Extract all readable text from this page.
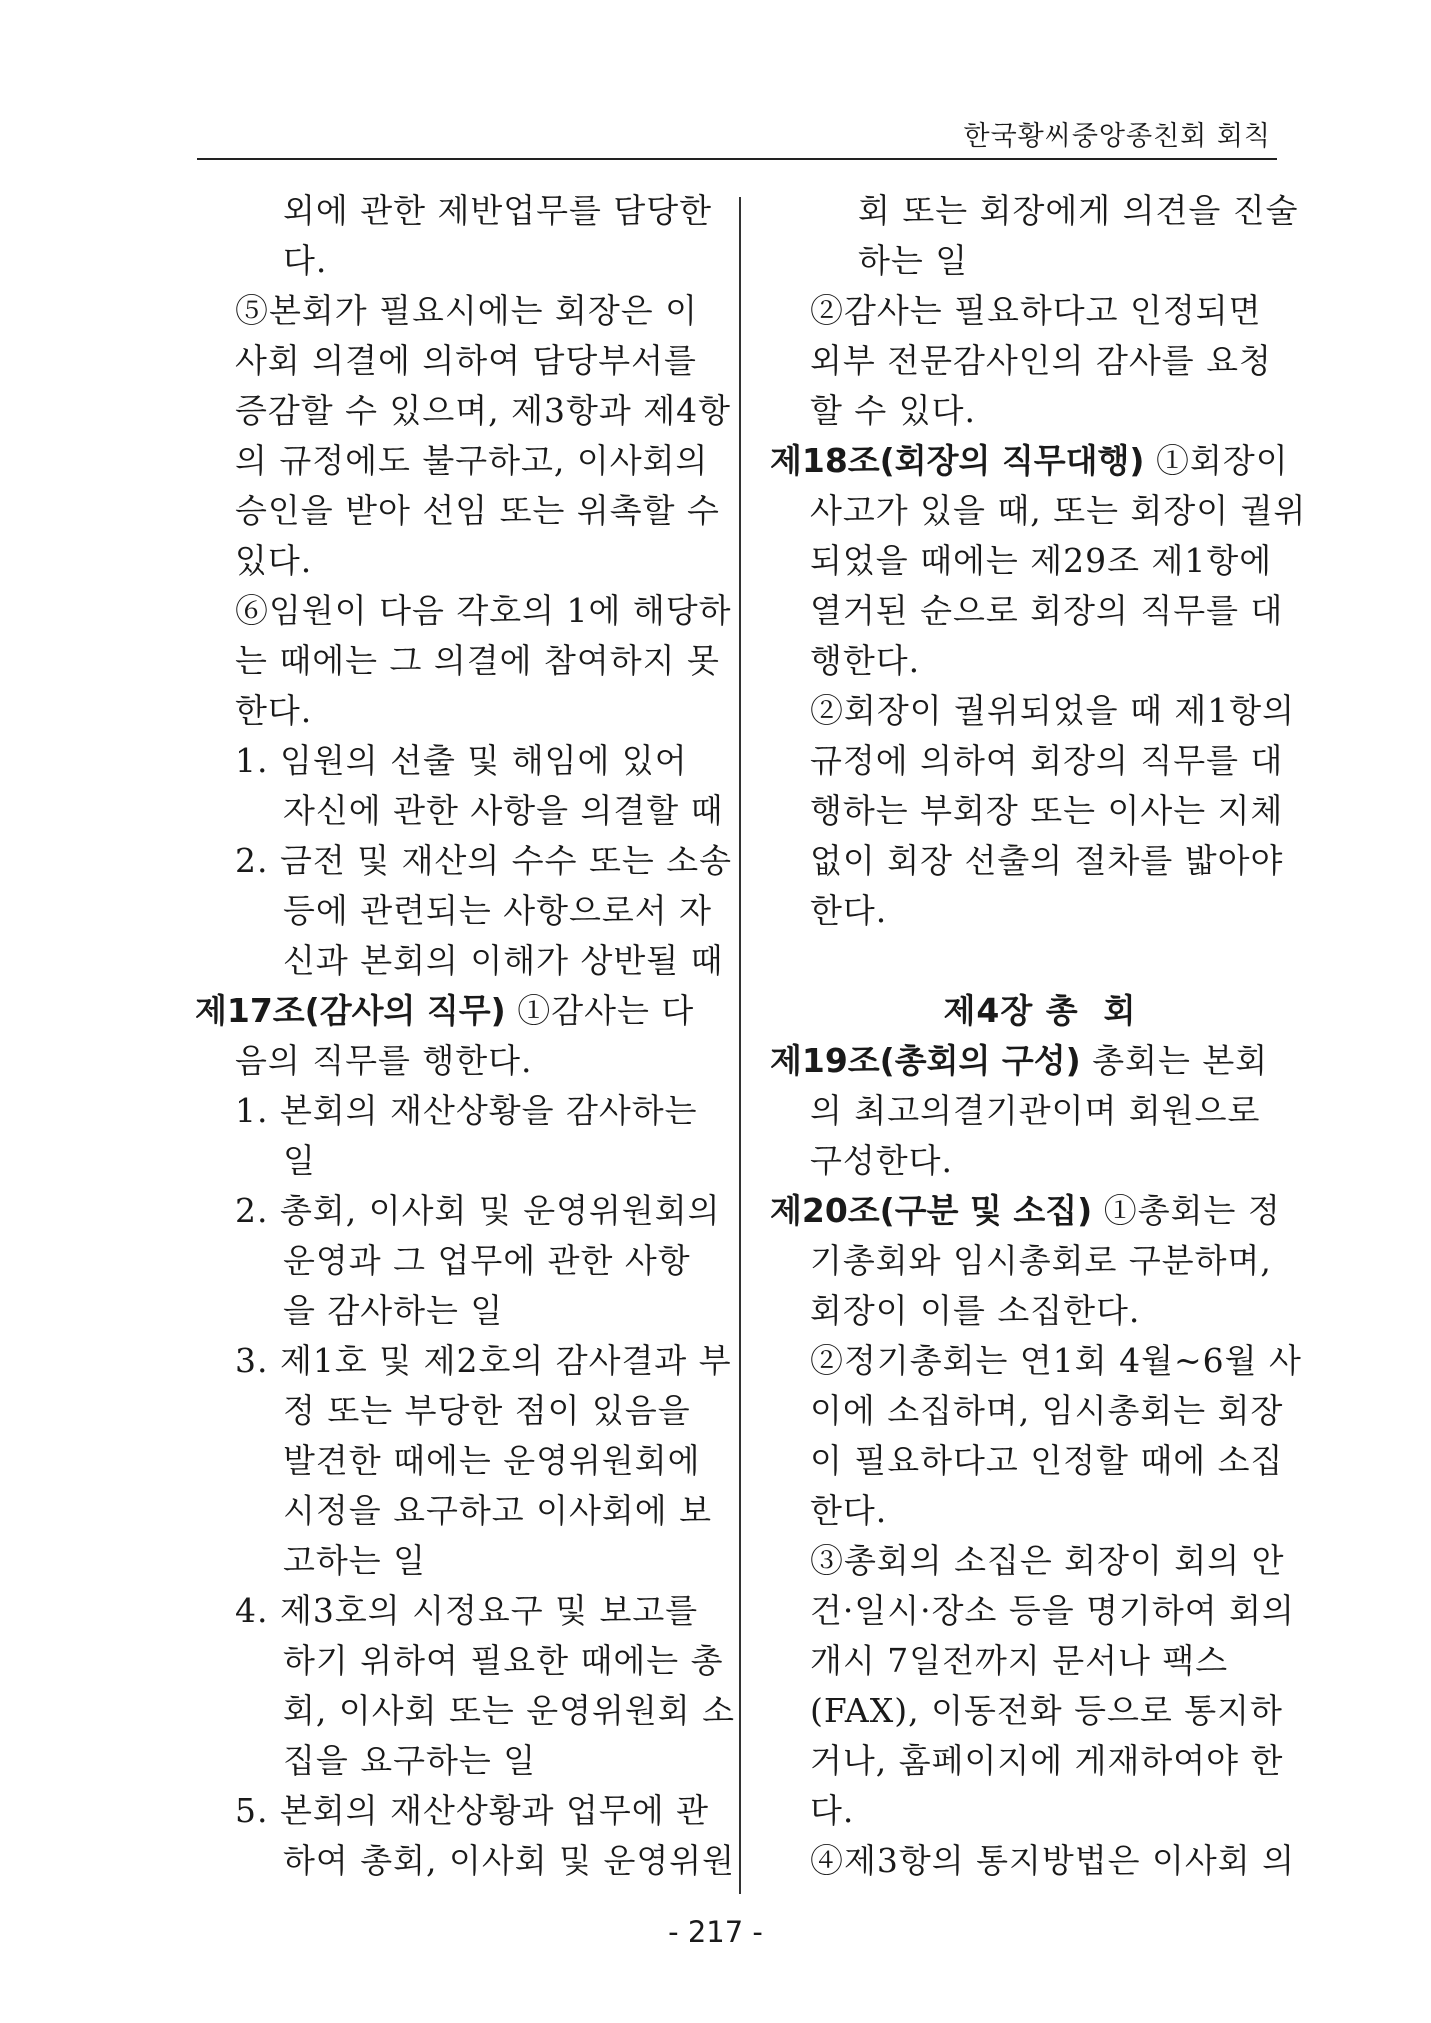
한국황씨중앙종친회 회칙
외에 관한 제반업무를 담당한
다.
⑤본회가 필요시에는 회장은 이
사회 의결에 의하여 담당부서를
증감할 수 있으며, 제3항과 제4항
의 규정에도 불구하고, 이사회의
승인을 받아 선임 또는 위촉할 수
있다.
⑥임원이 다음 각호의 1에 해당하
는 때에는 그 의결에 참여하지 못
한다.
1. 임원의 선출 및 해임에 있어
자신에 관한 사항을 의결할 때
2. 금전 및 재산의 수수 또는 소송
등에 관련되는 사항으로서 자
신과 본회의 이해가 상반될 때
제17조(감사의 직무) ①감사는 다
음의 직무를 행한다.
1. 본회의 재산상황을 감사하는
일
2. 총회, 이사회 및 운영위원회의
운영과 그 업무에 관한 사항
을 감사하는 일
3. 제1호 및 제2호의 감사결과 부
정 또는 부당한 점이 있음을
발견한 때에는 운영위원회에
시정을 요구하고 이사회에 보
고하는 일
4. 제3호의 시정요구 및 보고를
하기 위하여 필요한 때에는 총
회, 이사회 또는 운영위원회 소
집을 요구하는 일
5. 본회의 재산상황과 업무에 관
하여 총회, 이사회 및 운영위원
회 또는 회장에게 의견을 진술
하는 일
②감사는 필요하다고 인정되면
외부 전문감사인의 감사를 요청
할 수 있다.
제18조(회장의 직무대행) ①회장이
사고가 있을 때, 또는 회장이 궐위
되었을 때에는 제29조 제1항에
열거된 순으로 회장의 직무를 대
행한다.
②회장이 궐위되었을 때 제1항의
규정에 의하여 회장의 직무를 대
행하는 부회장 또는 이사는 지체
없이 회장 선출의 절차를 밟아야
한다.
제4장 총  회
제19조(총회의 구성) 총회는 본회
의 최고의결기관이며 회원으로
구성한다.
제20조(구분 및 소집) ①총회는 정
기총회와 임시총회로 구분하며,
회장이 이를 소집한다.
②정기총회는 연1회 4월~6월 사
이에 소집하며, 임시총회는 회장
이 필요하다고 인정할 때에 소집
한다.
③총회의 소집은 회장이 회의 안
건·일시·장소 등을 명기하여 회의
개시 7일전까지 문서나 팩스
(FAX), 이동전화 등으로 통지하
거나, 홈페이지에 게재하여야 한
다.
④제3항의 통지방법은 이사회 의
- 217 -
